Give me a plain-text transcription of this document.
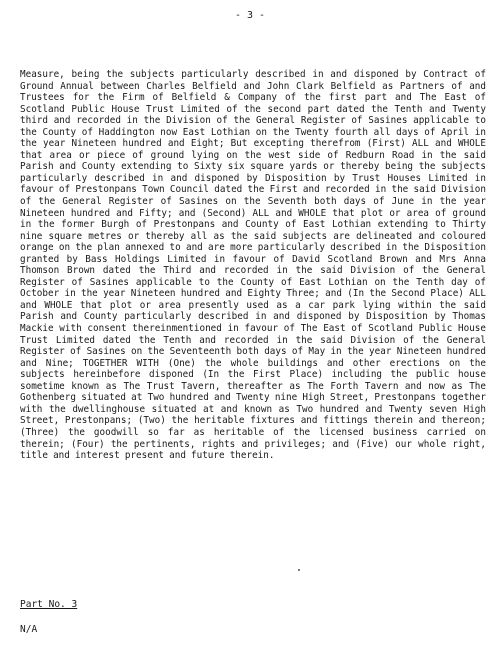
- 3 -

Measure, being the subjects particularly described in and disponed by Contract of Ground Annual between Charles Belfield and John Clark Belfield as Partners of and Trustees for the Firm of Belfield & Company of the first part and The East of Scotland Public House Trust Limited of the second part dated the Tenth and Twenty third and recorded in the Division of the General Register of Sasines applicable to the County of Haddington now East Lothian on the Twenty fourth all days of April in the year Nineteen hundred and Eight; But excepting therefrom (First) ALL and WHOLE that area or piece of ground lying on the west side of Redburn Road in the said Parish and County extending to Sixty six square yards or thereby being the subjects particularly described in and disponed by Disposition by Trust Houses Limited in favour of Prestonpans Town Council dated the First and recorded in the said Division of the General Register of Sasines on the Seventh both days of June in the year Nineteen hundred and Fifty; and (Second) ALL and WHOLE that plot or area of ground in the former Burgh of Prestonpans and County of East Lothian extending to Thirty nine square metres or thereby all as the said subjects are delineated and coloured orange on the plan annexed to and are more particularly described in the Disposition granted by Bass Holdings Limited in favour of David Scotland Brown and Mrs Anna Thomson Brown dated the Third and recorded in the said Division of the General Register of Sasines applicable to the County of East Lothian on the Tenth day of October in the year Nineteen hundred and Eighty Three; and (In the Second Place) ALL and WHOLE that plot or area presently used as a car park lying within the said Parish and County particularly described in and disponed by Disposition by Thomas Mackie with consent thereinmentioned in favour of The East of Scotland Public House Trust Limited dated the Tenth and recorded in the said Division of the General Register of Sasines on the Seventeenth both days of May in the year Nineteen hundred and Nine; TOGETHER WITH (One) the whole buildings and other erections on the subjects hereinbefore disponed (In the First Place) including the public house sometime known as The Trust Tavern, thereafter as The Forth Tavern and now as The Gothenberg situated at Two hundred and Twenty nine High Street, Prestonpans together with the dwellinghouse situated at and known as Two hundred and Twenty seven High Street, Prestonpans; (Two) the heritable fixtures and fittings therein and thereon; (Three) the goodwill so far as heritable of the licensed business carried on therein; (Four) the pertinents, rights and privileges; and (Five) our whole right, title and interest present and future therein.

Part No. 3
N/A
